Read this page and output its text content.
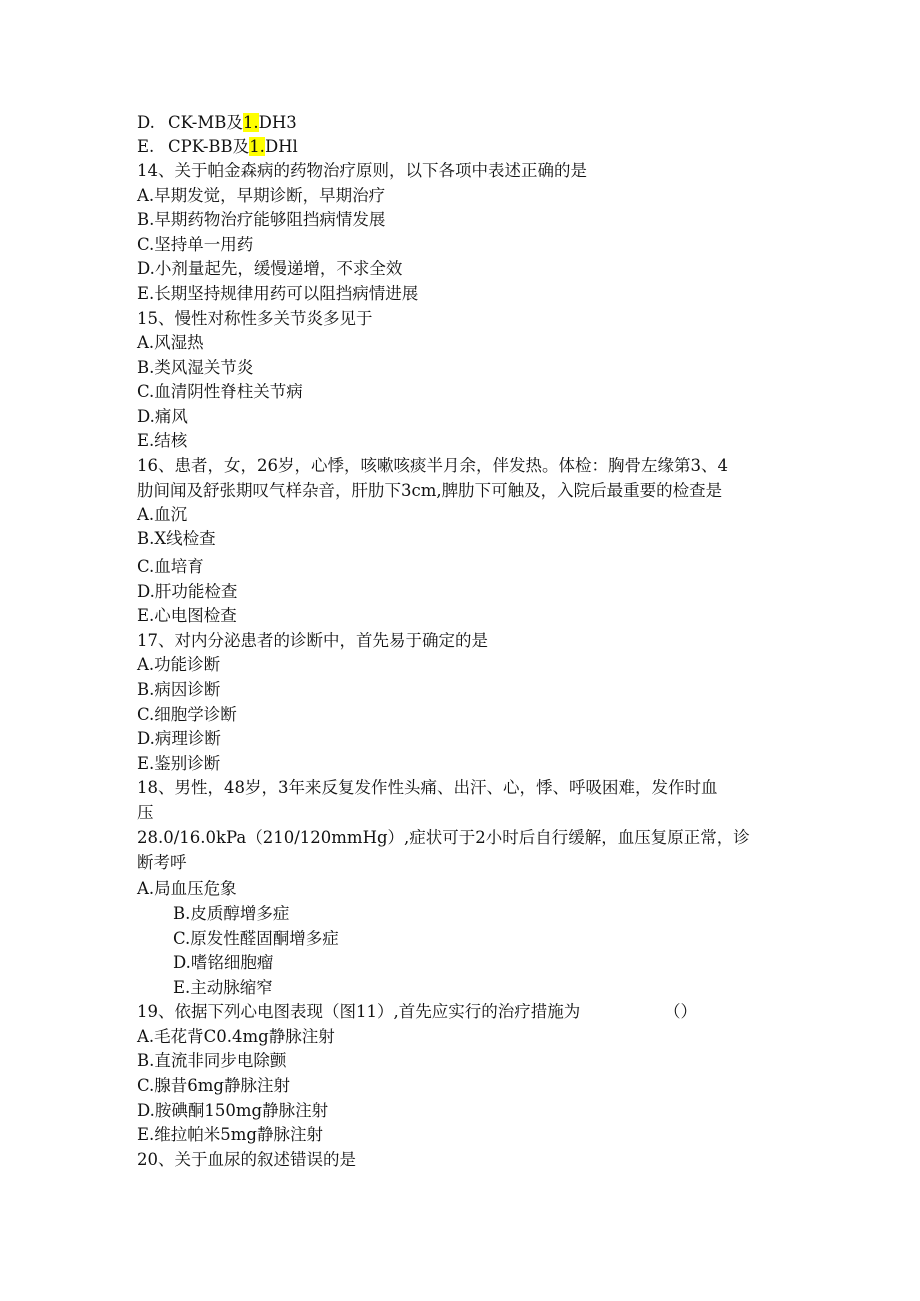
D. CK-MB及1.DH3
E. CPK-BB及1.DHl
14、关于帕金森病的药物治疗原则，以下各项中表述正确的是
A.早期发觉，早期诊断，早期治疗
B.早期药物治疗能够阻挡病情发展
C.坚持单一用药
D.小剂量起先，缓慢递增，不求全效
E.长期坚持规律用药可以阻挡病情进展
15、慢性对称性多关节炎多见于
A.风湿热
B.类风湿关节炎
C.血清阴性脊柱关节病
D.痛风
E.结核
16、患者，女，26岁，心悸，咳嗽咳痰半月余，伴发热。体检：胸骨左缘第3、4
肋间闻及舒张期叹气样杂音，肝肋下3cm,脾肋下可触及，入院后最重要的检查是
A.血沉
B.X线检查
C.血培育
D.肝功能检查
E.心电图检查
17、对内分泌患者的诊断中，首先易于确定的是
A.功能诊断
B.病因诊断
C.细胞学诊断
D.病理诊断
E.鉴别诊断
18、男性，48岁，3年来反复发作性头痛、出汗、心，悸、呼吸困难，发作时血
压
28.0/16.0kPa（210/120mmHg）,症状可于2小时后自行缓解，血压复原正常，诊
断考呼
A.局血压危象
B.皮质醇增多症
C.原发性醛固酮增多症
D.嗜铭细胞瘤
E.主动脉缩窄
19、依据下列心电图表现（图11）,首先应实行的治疗措施为	（）
A.毛花背C0.4mg静脉注射
B.直流非同步电除颤
C.腺昔6mg静脉注射
D.胺碘酮150mg静脉注射
E.维拉帕米5mg静脉注射
20、关于血尿的叙述错误的是
